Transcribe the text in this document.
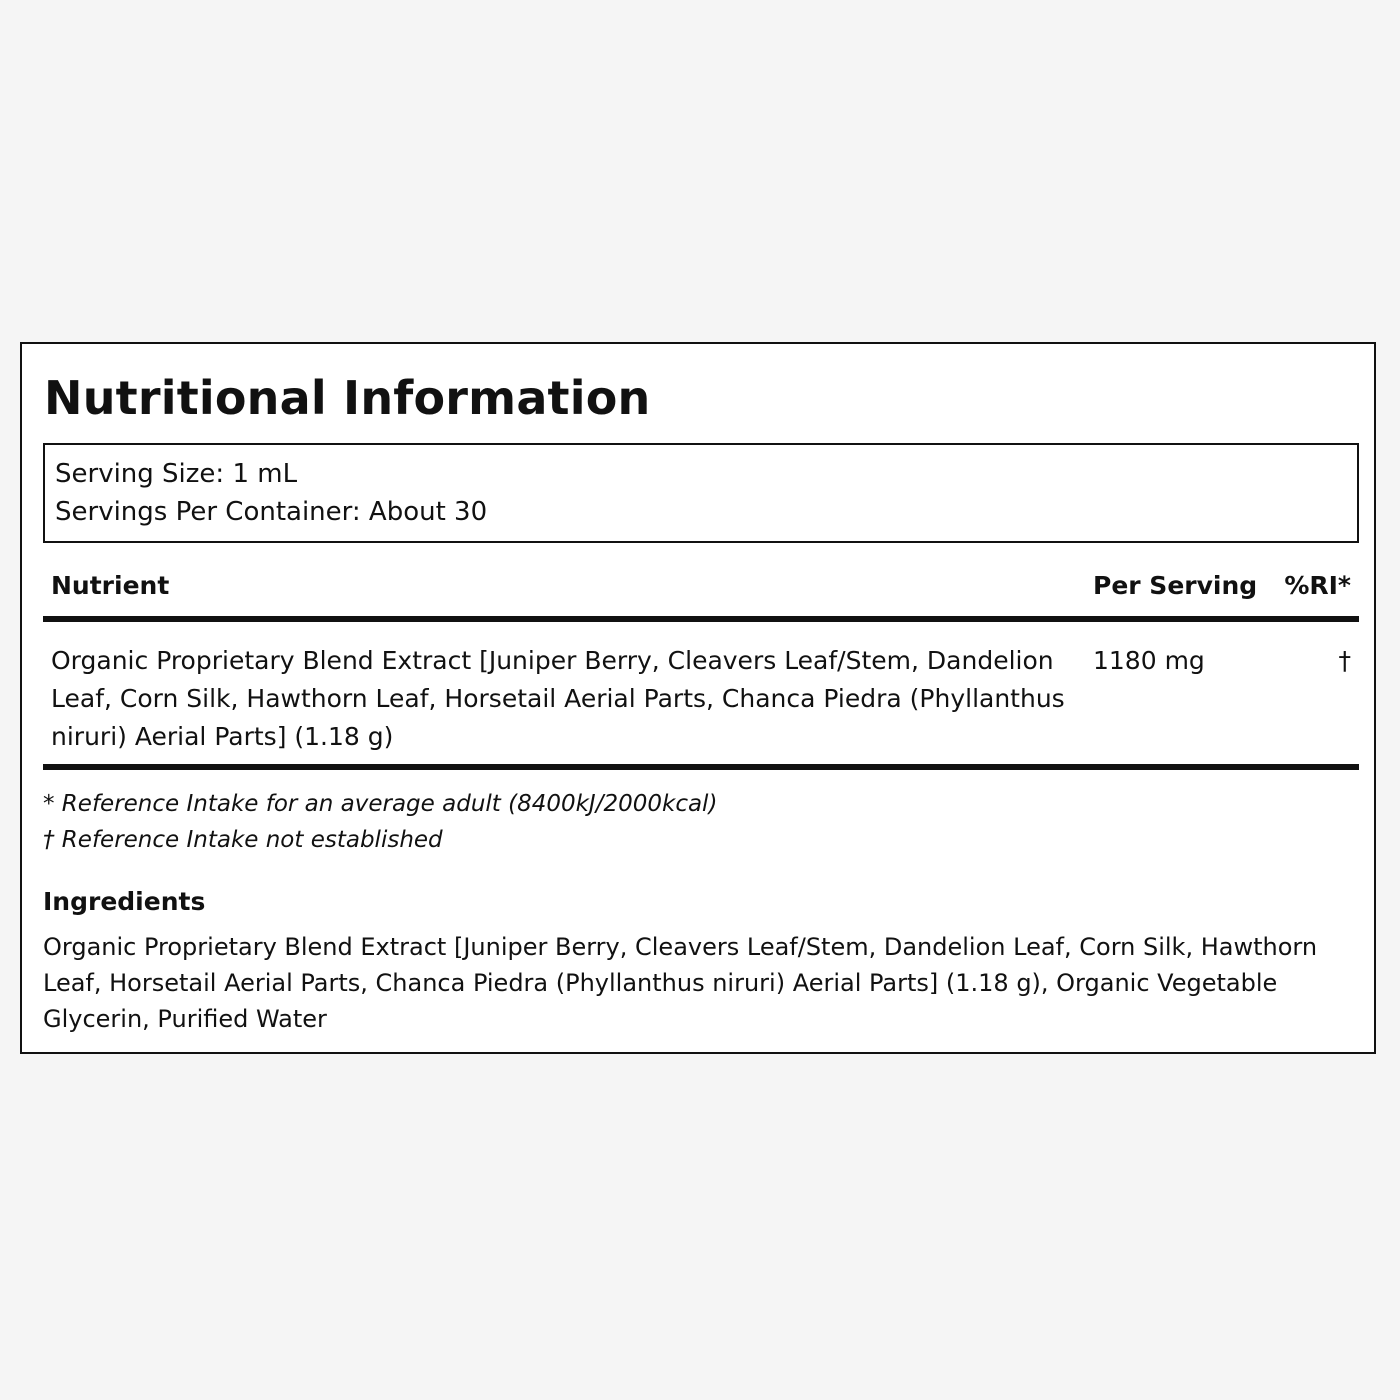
Nutritional Information
Serving Size: 1 mL
Servings Per Container: About 30
Nutrient	Per Serving	%RI*
Organic Proprietary Blend Extract [Juniper Berry, Cleavers Leaf/Stem, Dandelion Leaf, Corn Silk, Hawthorn Leaf, Horsetail Aerial Parts, Chanca Piedra (Phyllanthus niruri) Aerial Parts] (1.18 g)	1180 mg	†
* Reference Intake for an average adult (8400kJ/2000kcal)
† Reference Intake not established
Ingredients

Organic Proprietary Blend Extract [Juniper Berry, Cleavers Leaf/Stem, Dandelion Leaf, Corn Silk, Hawthorn Leaf, Horsetail Aerial Parts, Chanca Piedra (Phyllanthus niruri) Aerial Parts] (1.18 g), Organic Vegetable Glycerin, Purified Water
